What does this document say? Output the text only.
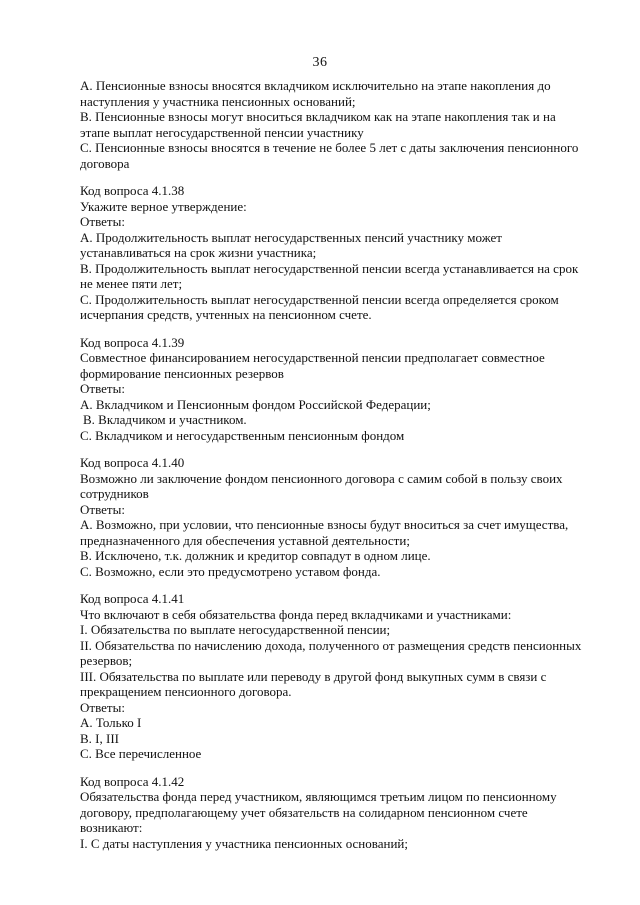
36
А. Пенсионные взносы вносятся вкладчиком исключительно на этапе накопления до
наступления у участника пенсионных оснований;
В. Пенсионные взносы могут вноситься вкладчиком как на этапе накопления так и на
этапе выплат негосударственной пенсии участнику
С. Пенсионные взносы вносятся в течение не более 5 лет с даты заключения пенсионного
договора
Код вопроса 4.1.38
Укажите верное утверждение:
Ответы:
А. Продолжительность выплат негосударственных пенсий участнику может
устанавливаться на срок жизни участника;
В. Продолжительность выплат негосударственной пенсии всегда устанавливается на срок
не менее пяти лет;
С. Продолжительность выплат негосударственной пенсии всегда определяется сроком
исчерпания средств, учтенных на пенсионном счете.
Код вопроса 4.1.39
Совместное финансированием негосударственной пенсии предполагает совместное
формирование пенсионных резервов
Ответы:
А. Вкладчиком и Пенсионным фондом Российской Федерации;
В. Вкладчиком и участником.
С. Вкладчиком и негосударственным пенсионным фондом
Код вопроса 4.1.40
Возможно ли заключение фондом пенсионного договора с самим собой в пользу своих
сотрудников
Ответы:
А. Возможно, при условии, что пенсионные взносы будут вноситься за счет имущества,
предназначенного для обеспечения уставной деятельности;
В. Исключено, т.к. должник и кредитор совпадут в одном лице.
С. Возможно, если это предусмотрено уставом фонда.
Код вопроса 4.1.41
Что включают в себя обязательства фонда перед вкладчиками и участниками:
I. Обязательства по выплате негосударственной пенсии;
II. Обязательства по начислению дохода, полученного от размещения средств пенсионных
резервов;
III. Обязательства по выплате или переводу в другой фонд выкупных сумм в связи с
прекращением пенсионного договора.
Ответы:
А. Только I
В. I, III
С. Все перечисленное
Код вопроса 4.1.42
Обязательства фонда перед участником, являющимся третьим лицом по пенсионному
договору, предполагающему учет обязательств на солидарном пенсионном счете
возникают:
I. С даты наступления у участника пенсионных оснований;
